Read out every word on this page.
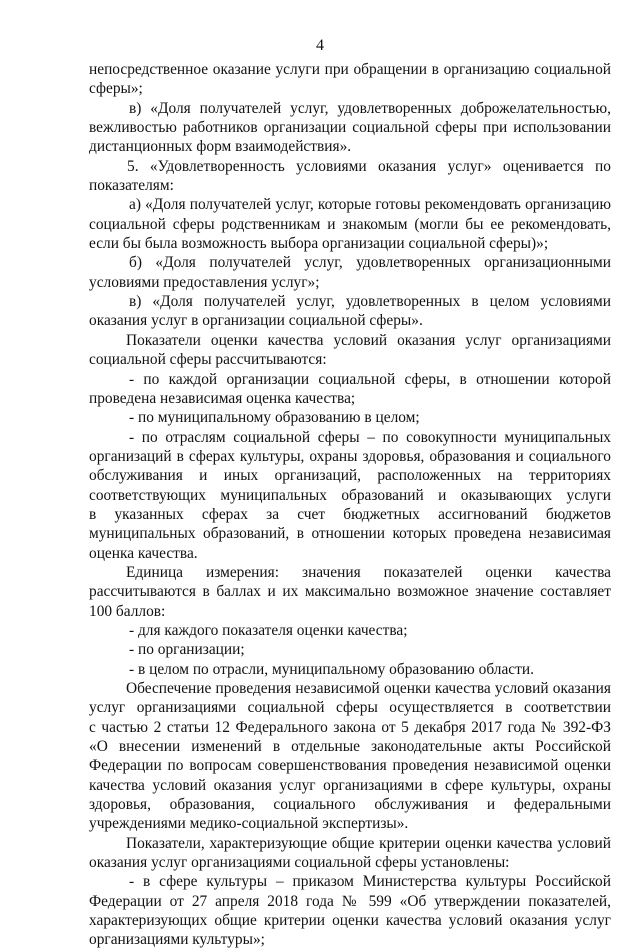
4
непосредственное оказание услуги при обращении в организацию социальной
сферы»;
в) «Доля получателей услуг, удовлетворенных доброжелательностью,
вежливостью работников организации социальной сферы при использовании
дистанционных форм взаимодействия».
5. «Удовлетворенность условиями оказания услуг» оценивается по
показателям:
а) «Доля получателей услуг, которые готовы рекомендовать организацию
социальной сферы родственникам и знакомым (могли бы ее рекомендовать,
если бы была возможность выбора организации социальной сферы)»;
б) «Доля получателей услуг, удовлетворенных организационными
условиями предоставления услуг»;
в) «Доля получателей услуг, удовлетворенных в целом условиями
оказания услуг в организации социальной сферы».
Показатели оценки качества условий оказания услуг организациями
социальной сферы рассчитываются:
- по каждой организации социальной сферы, в отношении которой
проведена независимая оценка качества;
- по муниципальному образованию в целом;
- по отраслям социальной сферы – по совокупности муниципальных
организаций в сферах культуры, охраны здоровья, образования и социального
обслуживания и иных организаций, расположенных на территориях
соответствующих муниципальных образований и оказывающих услуги
в указанных сферах за счет бюджетных ассигнований бюджетов
муниципальных образований, в отношении которых проведена независимая
оценка качества.
Единица измерения: значения показателей оценки качества
рассчитываются в баллах и их максимально возможное значение составляет
100 баллов:
- для каждого показателя оценки качества;
- по организации;
- в целом по отрасли, муниципальному образованию области.
Обеспечение проведения независимой оценки качества условий оказания
услуг организациями социальной сферы осуществляется в соответствии
с частью 2 статьи 12 Федерального закона от 5 декабря 2017 года № 392-ФЗ
«О внесении изменений в отдельные законодательные акты Российской
Федерации по вопросам совершенствования проведения независимой оценки
качества условий оказания услуг организациями в сфере культуры, охраны
здоровья, образования, социального обслуживания и федеральными
учреждениями медико-социальной экспертизы».
Показатели, характеризующие общие критерии оценки качества условий
оказания услуг организациями социальной сферы установлены:
- в сфере культуры – приказом Министерства культуры Российской
Федерации от 27 апреля 2018 года № 599 «Об утверждении показателей,
характеризующих общие критерии оценки качества условий оказания услуг
организациями культуры»;
